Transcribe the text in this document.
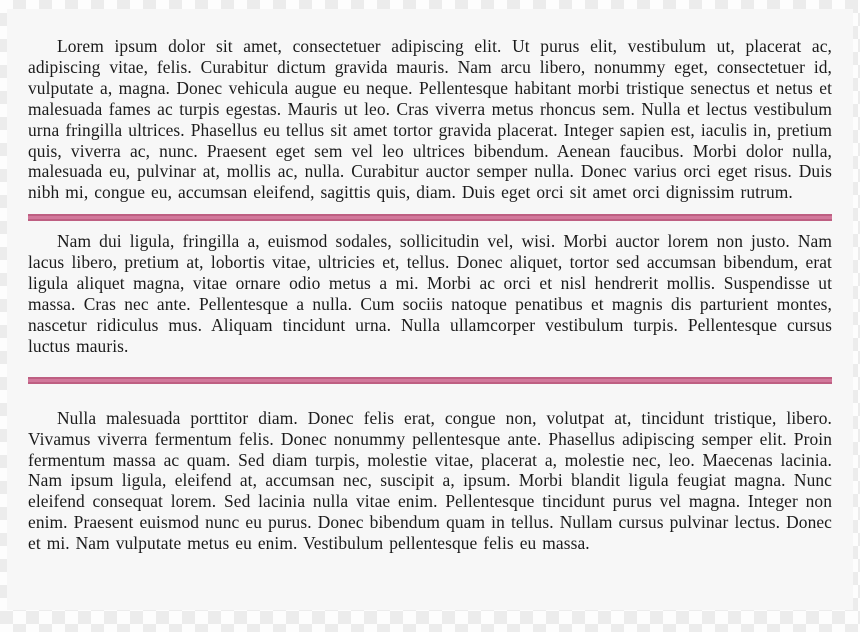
Lorem ipsum dolor sit amet, consectetuer adipiscing elit. Ut purus elit, vestibulum ut, placerat ac, adipiscing vitae, felis. Curabitur dictum gravida mauris. Nam arcu libero, nonummy eget, consectetuer id, vulputate a, magna. Donec vehicula augue eu neque. Pellentesque habitant morbi tristique senectus et netus et malesuada fames ac turpis egestas. Mauris ut leo. Cras viverra metus rhoncus sem. Nulla et lectus vestibulum urna fringilla ultrices. Phasellus eu tellus sit amet tortor gravida placerat. Integer sapien est, iaculis in, pretium quis, viverra ac, nunc. Praesent eget sem vel leo ultrices bibendum. Aenean faucibus. Morbi dolor nulla, malesuada eu, pulvinar at, mollis ac, nulla. Curabitur auctor semper nulla. Donec varius orci eget risus. Duis nibh mi, congue eu, accumsan eleifend, sagittis quis, diam. Duis eget orci sit amet orci dignissim rutrum.

Nam dui ligula, fringilla a, euismod sodales, sollicitudin vel, wisi. Morbi auctor lorem non justo. Nam lacus libero, pretium at, lobortis vitae, ultricies et, tellus. Donec aliquet, tortor sed accumsan bibendum, erat ligula aliquet magna, vitae ornare odio metus a mi. Morbi ac orci et nisl hendrerit mollis. Suspendisse ut massa. Cras nec ante. Pellentesque a nulla. Cum sociis natoque penatibus et magnis dis parturient montes, nascetur ridiculus mus. Aliquam tincidunt urna. Nulla ullamcorper vestibulum turpis. Pellentesque cursus luctus mauris.

Nulla malesuada porttitor diam. Donec felis erat, congue non, volutpat at, tincidunt tristique, libero. Vivamus viverra fermentum felis. Donec nonummy pellentesque ante. Phasellus adipiscing semper elit. Proin fermentum massa ac quam. Sed diam turpis, molestie vitae, placerat a, molestie nec, leo. Maecenas lacinia. Nam ipsum ligula, eleifend at, accumsan nec, suscipit a, ipsum. Morbi blandit ligula feugiat magna. Nunc eleifend consequat lorem. Sed lacinia nulla vitae enim. Pellentesque tincidunt purus vel magna. Integer non enim. Praesent euismod nunc eu purus. Donec bibendum quam in tellus. Nullam cursus pulvinar lectus. Donec et mi. Nam vulputate metus eu enim. Vestibulum pellentesque felis eu massa.
